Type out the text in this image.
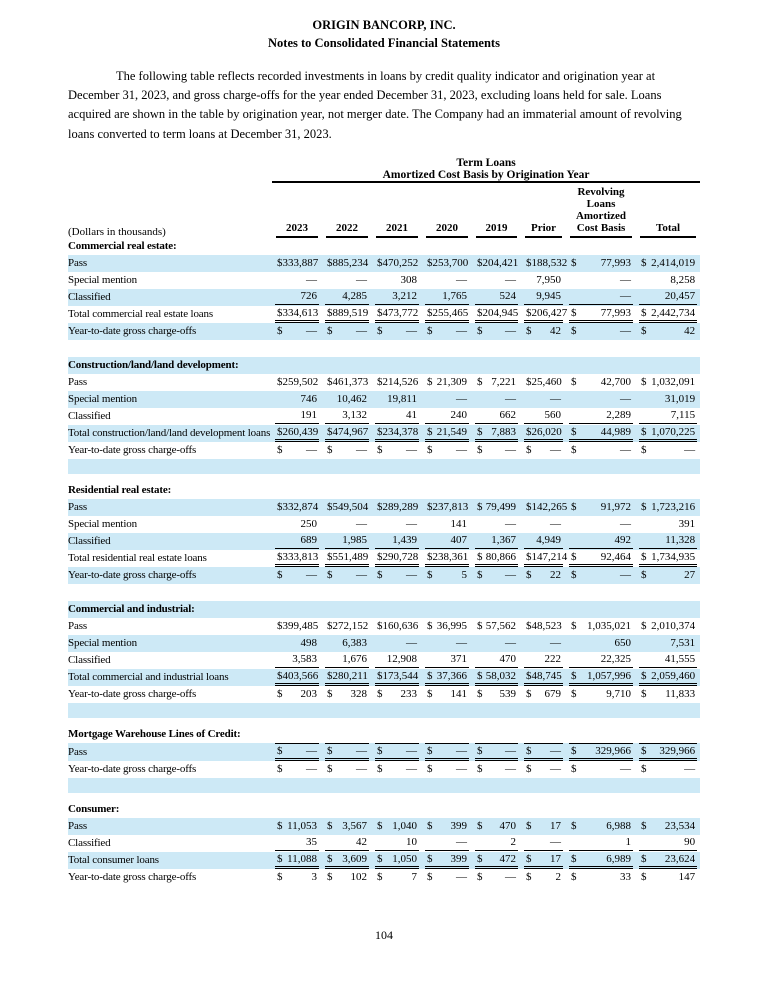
ORIGIN BANCORP, INC.
Notes to Consolidated Financial Statements

The following table reflects recorded investments in loans by credit quality indicator and origination year at December 31, 2023, and gross charge-offs for the year ended December 31, 2023, excluding loans held for sale. Loans acquired are shown in the table by origination year, not merger date. The Company had an immaterial amount of revolving loans converted to term loans at December 31, 2023.

	Term Loans							
	Amortized Cost Basis by Origination Year							
(Dollars in thousands)	2023	2022	2021	2020	2019	Prior	Revolving Loans Amortized Cost Basis	Total

Commercial real estate:								
Pass	$ 333,887	$ 885,234	$ 470,252	$ 253,700	$ 204,421	$ 188,532	$ 77,993	$ 2,414,019

Special mention	—	—	308	—	—	7,950	—	8,258

Classified	726	4,285	3,212	1,765	524	9,945	—	20,457

Total commercial real estate loans	$ 334,613	$ 889,519	$ 473,772	$ 255,465	$ 204,945	$ 206,427	$ 77,993	$ 2,442,734

Year-to-date gross charge-offs	$ —	$ —	$ —	$ —	$ —	$ 42	$ —	$ 42

Construction/land/land development:								
Pass	$ 259,502	$ 461,373	$ 214,526	$ 21,309	$ 7,221	$ 25,460	$ 42,700	$ 1,032,091

Special mention	746	10,462	19,811	—	—	—	—	31,019

Classified	191	3,132	41	240	662	560	2,289	7,115

Total construction/land/land development loans	$ 260,439	$ 474,967	$ 234,378	$ 21,549	$ 7,883	$ 26,020	$ 44,989	$ 1,070,225

Year-to-date gross charge-offs	$ —	$ —	$ —	$ —	$ —	$ —	$ —	$ —

Residential real estate:								
Pass	$ 332,874	$ 549,504	$ 289,289	$ 237,813	$ 79,499	$ 142,265	$ 91,972	$ 1,723,216

Special mention	250	—	—	141	—	—	—	391

Classified	689	1,985	1,439	407	1,367	4,949	492	11,328

Total residential real estate loans	$ 333,813	$ 551,489	$ 290,728	$ 238,361	$ 80,866	$ 147,214	$ 92,464	$ 1,734,935

Year-to-date gross charge-offs	$ —	$ —	$ —	$ 5	$ —	$ 22	$ —	$ 27

Commercial and industrial:								
Pass	$ 399,485	$ 272,152	$ 160,636	$ 36,995	$ 57,562	$ 48,523	$ 1,035,021	$ 2,010,374

Special mention	498	6,383	—	—	—	—	650	7,531

Classified	3,583	1,676	12,908	371	470	222	22,325	41,555

Total commercial and industrial loans	$ 403,566	$ 280,211	$ 173,544	$ 37,366	$ 58,032	$ 48,745	$ 1,057,996	$ 2,059,460

Year-to-date gross charge-offs	$ 203	$ 328	$ 233	$ 141	$ 539	$ 679	$ 9,710	$ 11,833

Mortgage Warehouse Lines of Credit:								
Pass	$ —	$ —	$ —	$ —	$ —	$ —	$ 329,966	$ 329,966

Year-to-date gross charge-offs	$ —	$ —	$ —	$ —	$ —	$ —	$ —	$ —

Consumer:								
Pass	$ 11,053	$ 3,567	$ 1,040	$ 399	$ 470	$ 17	$ 6,988	$ 23,534

Classified	35	42	10	—	2	—	1	90

Total consumer loans	$ 11,088	$ 3,609	$ 1,050	$ 399	$ 472	$ 17	$ 6,989	$ 23,624

Year-to-date gross charge-offs	$ 3	$ 102	$ 7	$ —	$ —	$ 2	$ 33	$ 147
104
